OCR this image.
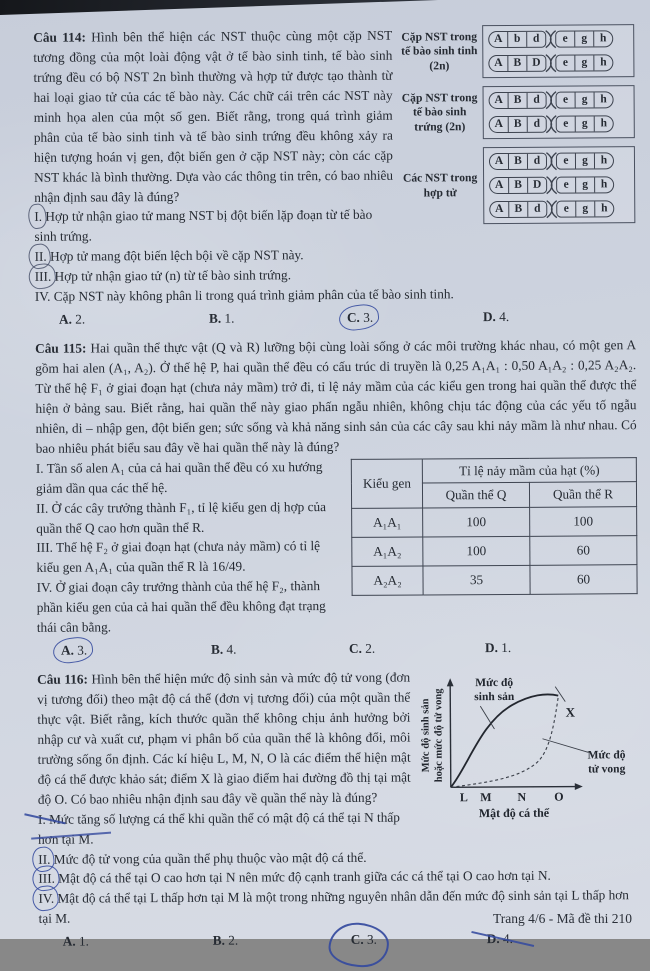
Cặp NST trong tế bào sinh tinh (2n)
A	b	d	e	g	h
A B D	e	g	h
Cặp NST trong tế bào sinh trứng (2n)
A B	d	e	g	h
A B	d	e	g	h
Các NST trong hợp tử
A B	d	e	g	h
A B D	e	g	h
A B	d	e	g	h

Câu 114: Hình bên thể hiện các NST thuộc cùng một cặp NST tương đồng của một loài động vật ở tế bào sinh tinh, tế bào sinh trứng đều có bộ NST 2n bình thường và hợp tử được tạo thành từ hai loại giao tử của các tế bào này. Các chữ cái trên các NST này minh họa alen của một số gen. Biết rằng, trong quá trình giảm phân của tế bào sinh tinh và tế bào sinh trứng đều không xảy ra hiện tượng hoán vị gen, đột biến gen ở cặp NST này; còn các cặp NST khác là bình thường. Dựa vào các thông tin trên, có bao nhiêu nhận định sau đây là đúng?

I. Hợp tử nhận giao tử mang NST bị đột biến lặp đoạn từ tế bào sinh trứng.
II. Hợp tử mang đột biến lệch bội về cặp NST này.
III. Hợp tử nhận giao tử (n) từ tế bào sinh trứng.
IV. Cặp NST này không phân li trong quá trình giảm phân của tế bào sinh tinh.
A. 2.	B. 1.	C. 3.	D. 4.

Câu 115: Hai quần thể thực vật (Q và R) lưỡng bội cùng loài sống ở các môi trường khác nhau, có một gen A gồm hai alen (A₁, A₂). Ở thế hệ P, hai quần thể đều có cấu trúc di truyền là 0,25 A₁A₁ : 0,50 A₁A₂ : 0,25 A₂A₂. Từ thế hệ F₁ ở giai đoạn hạt (chưa nảy mầm) trở đi, tỉ lệ nảy mầm của các kiểu gen trong hai quần thể được thể hiện ở bảng sau. Biết rằng, hai quần thể này giao phấn ngẫu nhiên, không chịu tác động của các yếu tố ngẫu nhiên, di – nhập gen, đột biến gen; sức sống và khả năng sinh sản của các cây sau khi nảy mầm là như nhau. Có bao nhiêu phát biểu sau đây về hai quần thể này là đúng?

Kiểu gen	Tỉ lệ nảy mầm của hạt (%)	
	Quần thể Q	Quần thể R
A₁A₁	100	100
A₁A₂	100	60
A₂A₂	35	60
I. Tần số alen A₁ của cả hai quần thể đều có xu hướng giảm dần qua các thế hệ.
II. Ở các cây trưởng thành F₁, tỉ lệ kiểu gen dị hợp của quần thể Q cao hơn quần thể R.
III. Thế hệ F₂ ở giai đoạn hạt (chưa nảy mầm) có tỉ lệ kiểu gen A₁A₁ của quần thể R là 16/49.
IV. Ở giai đoạn cây trưởng thành của thế hệ F₂, thành phần kiểu gen của cả hai quần thể đều không đạt trạng thái cân bằng.
A. 3.	B. 4.	C. 2.	D. 1.
Mức độ
sinh sản
Mức độ
tử vong
X
L M N O
Mật độ cá thể
Mức độ sinh sản hoặc mức độ tử vong

Câu 116: Hình bên thể hiện mức độ sinh sản và mức độ tử vong (đơn vị tương đối) theo mật độ cá thể (đơn vị tương đối) của một quần thể thực vật. Biết rằng, kích thước quần thể không chịu ảnh hưởng bởi nhập cư và xuất cư, phạm vi phân bố của quần thể là không đổi, môi trường sống ổn định. Các kí hiệu L, M, N, O là các điểm thể hiện mật độ cá thể được khảo sát; điểm X là giao điểm hai đường đồ thị tại mật độ O. Có bao nhiêu nhận định sau đây về quần thể này là đúng?

I. Mức tăng số lượng cá thể khi quần thể có mật độ cá thể tại N thấp hơn tại M.
II. Mức độ tử vong của quần thể phụ thuộc vào mật độ cá thể.
III. Mật độ cá thể tại O cao hơn tại N nên mức độ cạnh tranh giữa các cá thể tại O cao hơn tại N.
IV. Mật độ cá thể tại L thấp hơn tại M là một trong những nguyên nhân dẫn đến mức độ sinh sản tại L thấp hơn tại M.
A. 1.	B. 2.	C. 3.	D. 4.
Trang 4/6 - Mã đề thi 210
